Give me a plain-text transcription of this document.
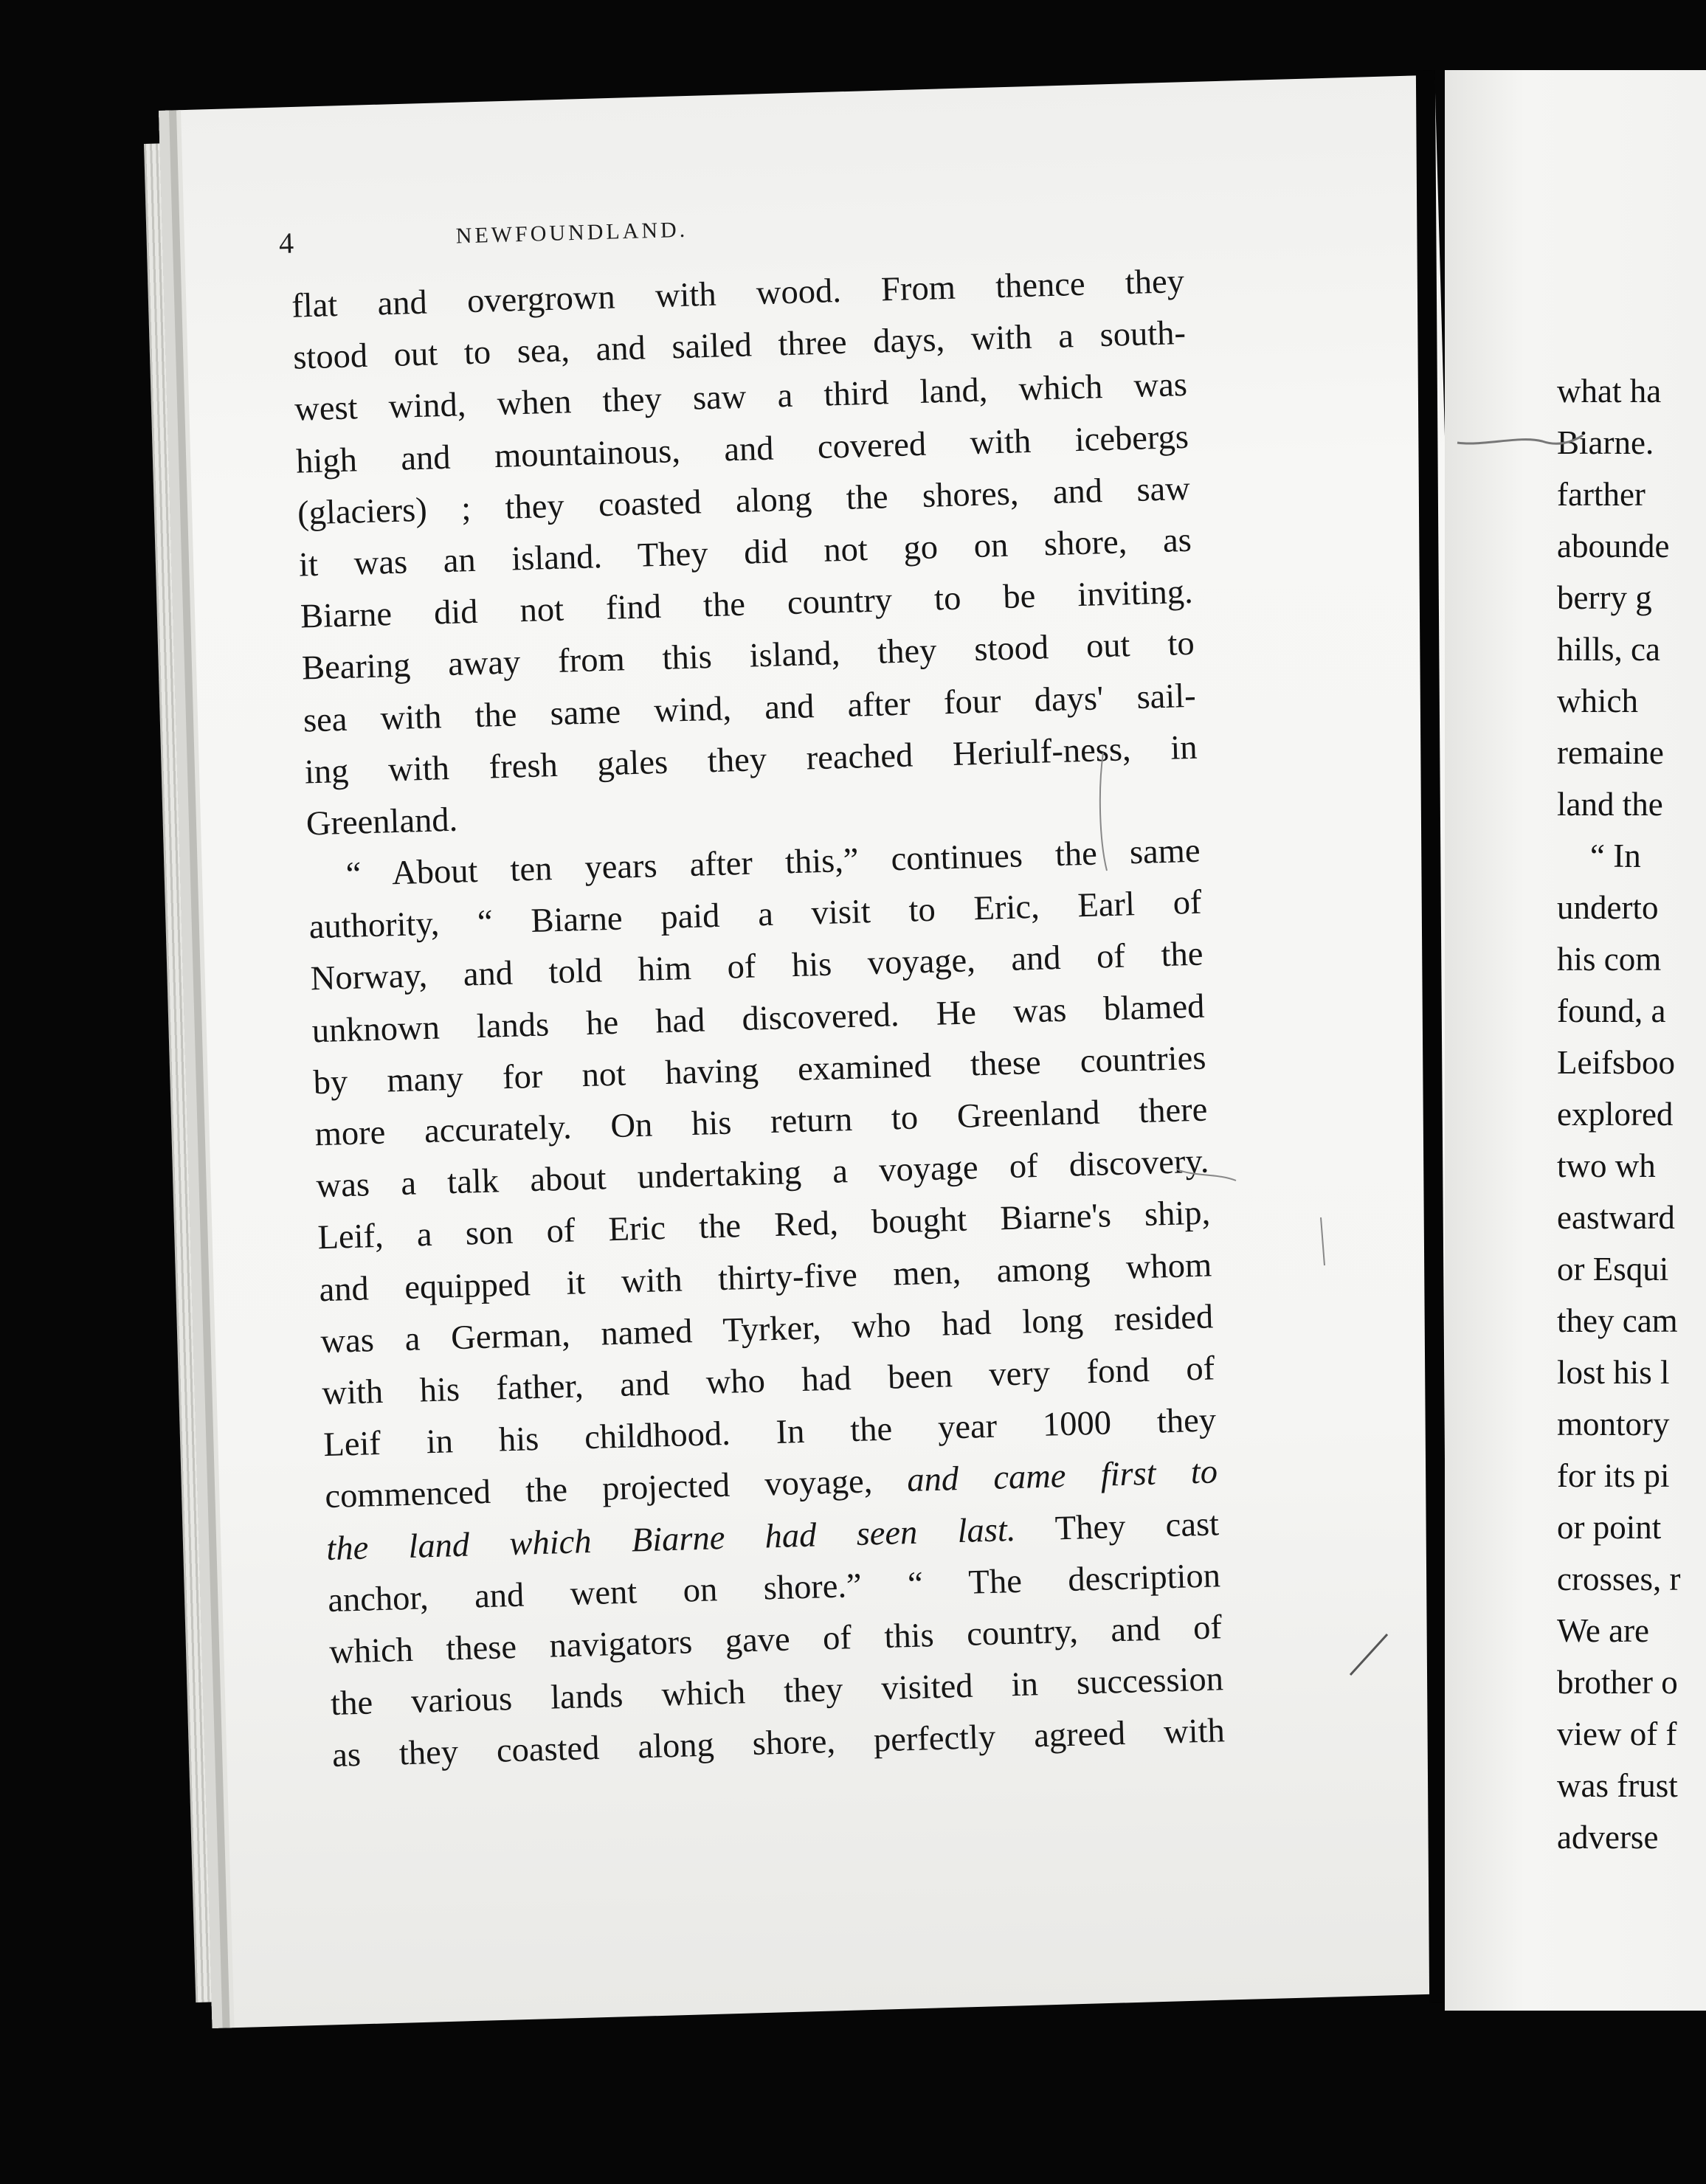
4	NEWFOUNDLAND.
flat and overgrown with wood. From thence they
stood out to sea, and sailed three days, with a south-
west wind, when they saw a third land, which was
high and mountainous, and covered with icebergs
(glaciers) ; they coasted along the shores, and saw
it was an island. They did not go on shore, as
Biarne did not find the country to be inviting.
Bearing away from this island, they stood out to
sea with the same wind, and after four days' sail-
ing with fresh gales they reached Heriulf-ness, in
Greenland.
“ About ten years after this,” continues the same
authority, “ Biarne paid a visit to Eric, Earl of
Norway, and told him of his voyage, and of the
unknown lands he had discovered. He was blamed
by many for not having examined these countries
more accurately. On his return to Greenland there
was a talk about undertaking a voyage of discovery.
Leif, a son of Eric the Red, bought Biarne's ship,
and equipped it with thirty-five men, among whom
was a German, named Tyrker, who had long resided
with his father, and who had been very fond of
Leif in his childhood. In the year 1000 they
commenced the projected voyage, and came first to
the land which Biarne had seen last. They cast
anchor, and went on shore.” “ The description
which these navigators gave of this country, and of
the various lands which they visited in succession
as they coasted along shore, perfectly agreed with
what ha
Biarne.
farther
abounde
berry g
hills, ca
which
remaine
land the
“ In
underto
his com
found, a
Leifsboo
explored
two wh
eastward
or Esqui
they cam
lost his l
montory
for its pi
or point
crosses, r
We are
brother o
view of f
was frust
adverse
